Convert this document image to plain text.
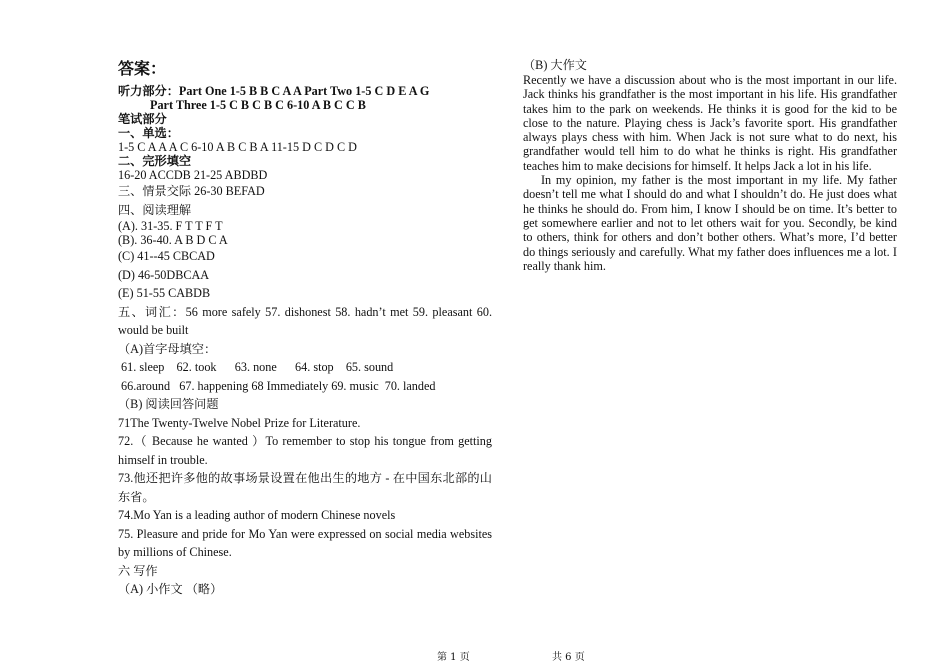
答案：
听力部分：Part One 1-5 B B C A A Part Two 1-5 C D E A G
Part Three 1-5 C B C B C 6-10 A B C C B
笔试部分
一、单选：
1-5 C A A A C 6-10 A B C B A 11-15 D C D C D
二、完形填空
16-20 ACCDB 21-25 ABDBD
三、情景交际 26-30 BEFAD
四、阅读理解
(A). 31-35. F T T F T
(B). 36-40. A B D C A
(C) 41--45 CBCAD
(D) 46-50DBCAA
(E) 51-55 CABDB
五、词汇：56 more safely 57. dishonest 58. hadn’t met 59. pleasant 60. would be built
（A)首字母填空：
61. sleep    62. took      63. none      64. stop    65. sound
66.around   67. happening 68 Immediately 69. music  70. landed
（B) 阅读回答问题
71The Twenty-Twelve Nobel Prize for Literature.
72.（ Because he wanted ）To remember to stop his tongue from getting himself in trouble.
73.他还把许多他的故事场景设置在他出生的地方 - 在中国东北部的山东省。
74.Mo Yan is a leading author of modern Chinese novels
75. Pleasure and pride for Mo Yan were expressed on social media websites by millions of Chinese.
六 写作
（A) 小作文 （略）
（B) 大作文
Recently we have a discussion about who is the most important in our life. Jack thinks his grandfather is the most important in his life. His grandfather takes him to the park on weekends. He thinks it is good for the kid to be close to the nature. Playing chess is Jack’s favorite sport. His grandfather always plays chess with him. When Jack is not sure what to do next, his grandfather would tell him to do what he thinks is right. His grandfather teaches him to make decisions for himself. It helps Jack a lot in his life.
In my opinion, my father is the most important in my life. My father doesn’t tell me what I should do and what I shouldn’t do. He just does what he thinks he should do. From him, I know I should be on time. It’s better to get somewhere earlier and not to let others wait for you. Secondly, be kind to others, think for others and don’t bother others. What’s more, I’d better do things seriously and carefully. What my father does influences me a lot. I really thank him.
第 1 页	共 6 页
